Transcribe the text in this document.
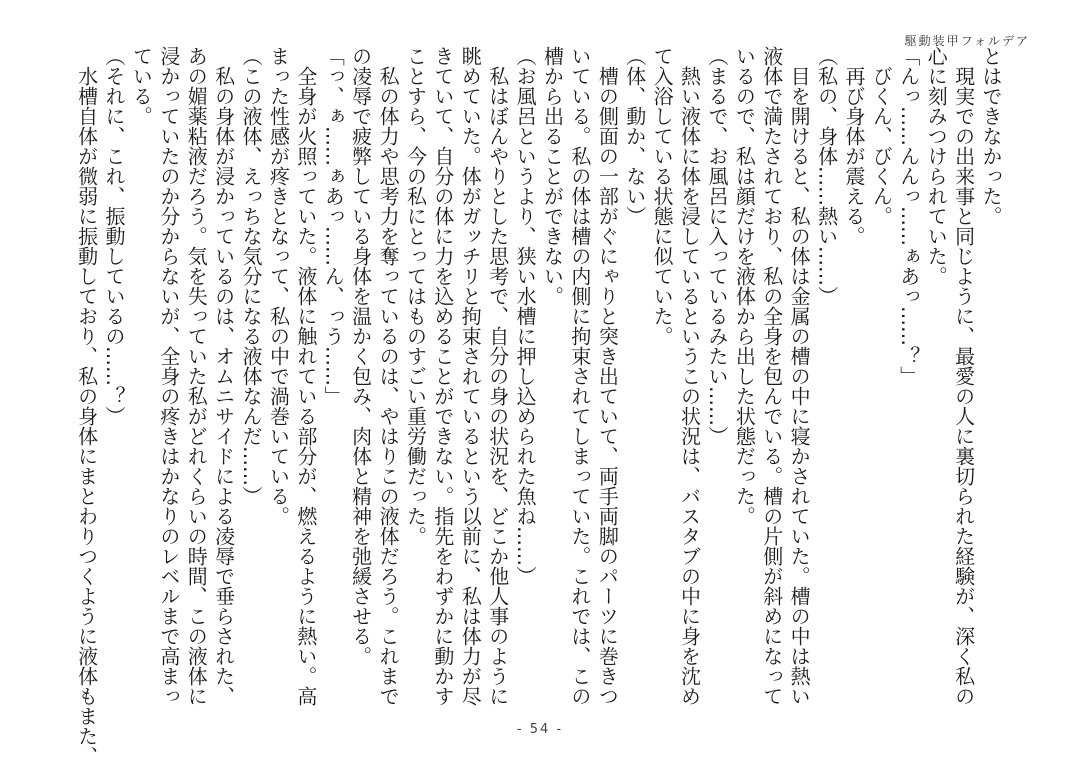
駆動装甲フォルデア
とはできなかった。
　現実での出来事と同じように、最愛の人に裏切られた経験が、深く私の
心に刻みつけられていた。
「んっ……んんっ……ぁあっ……？」
　びくん、びくん。
　再び身体が震える。
（私の、身体……熱い……）
　目を開けると、私の体は金属の槽の中に寝かされていた。槽の中は熱い
液体で満たされており、私の全身を包んでいる。槽の片側が斜めになって
いるので、私は顔だけを液体から出した状態だった。
（まるで、お風呂に入っているみたい……）
　熱い液体に体を浸しているというこの状況は、バスタブの中に身を沈め
て入浴している状態に似ていた。
（体、動か、ない）
　槽の側面の一部がぐにゃりと突き出ていて、両手両脚のパーツに巻きつ
いている。私の体は槽の内側に拘束されてしまっていた。これでは、この
槽から出ることができない。
（お風呂というより、狭い水槽に押し込められた魚ね……）
　私はぼんやりとした思考で、自分の身の状況を、どこか他人事のように
眺めていた。体がガッチリと拘束されているという以前に、私は体力が尽
きていて、自分の体に力を込めることができない。指先をわずかに動かす
ことすら、今の私にとってはものすごい重労働だった。
　私の体力や思考力を奪っているのは、やはりこの液体だろう。これまで
の凌辱で疲弊している身体を温かく包み、肉体と精神を弛緩させる。
「っ、ぁ……ぁあっ……ん、っう……」
　全身が火照っていた。液体に触れている部分が、燃えるように熱い。高
まった性感が疼きとなって、私の中で渦巻いている。
（この液体、えっちな気分になる液体なんだ……）
　私の身体が浸かっているのは、オムニサイドによる凌辱で垂らされた、
あの媚薬粘液だろう。気を失っていた私がどれくらいの時間、この液体に
浸かっていたのか分からないが、全身の疼きはかなりのレベルまで高まっ
ている。
（それに、これ、振動しているの……？）
　水槽自体が微弱に振動しており、私の身体にまとわりつくように液体もまた、	- 54 -
